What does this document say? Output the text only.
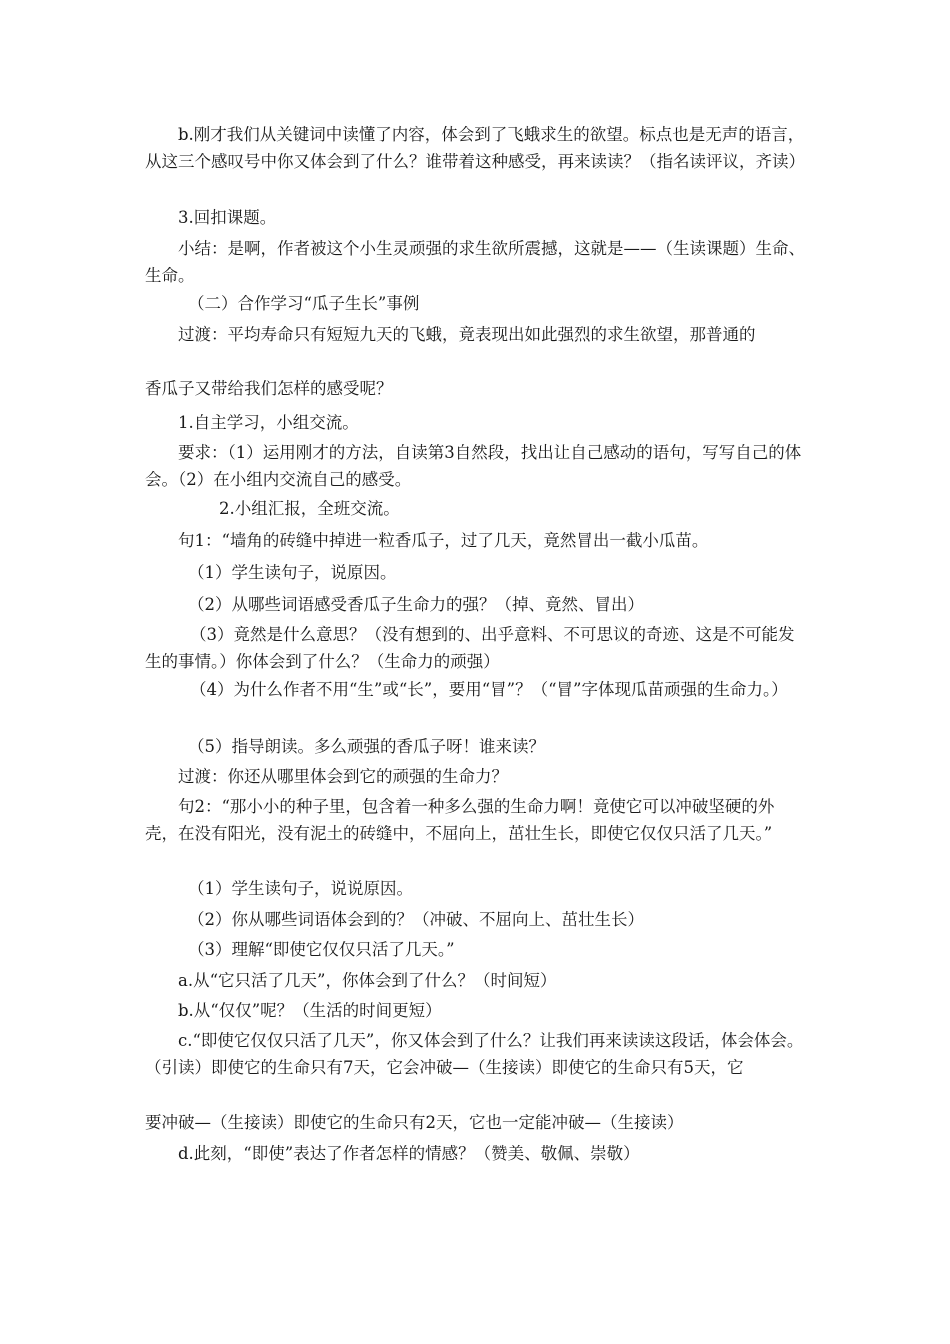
b.刚才我们从关键词中读懂了内容，体会到了飞蛾求生的欲望。标点也是无声的语言，从这三个感叹号中你又体会到了什么？谁带着这种感受，再来读读？（指名读评议，齐读）

3.回扣课题。

小结：是啊，作者被这个小生灵顽强的求生欲所震撼，这就是——（生读课题）生命、生命。

（二）合作学习“瓜子生长”事例

过渡：平均寿命只有短短九天的飞蛾，竟表现出如此强烈的求生欲望，那普通的

香瓜子又带给我们怎样的感受呢？

1.自主学习，小组交流。

要求：（1）运用刚才的方法，自读第3自然段，找出让自己感动的语句，写写自己的体会。（2）在小组内交流自己的感受。

2.小组汇报，全班交流。

句1：“墙角的砖缝中掉进一粒香瓜子，过了几天，竟然冒出一截小瓜苗。

（1）学生读句子，说原因。

（2）从哪些词语感受香瓜子生命力的强？（掉、竟然、冒出）

（3）竟然是什么意思？（没有想到的、出乎意料、不可思议的奇迹、这是不可能发生的事情。）你体会到了什么？（生命力的顽强）

（4）为什么作者不用“生”或“长”，要用“冒”？（“冒”字体现瓜苗顽强的生命力。）

（5）指导朗读。多么顽强的香瓜子呀！谁来读？

过渡：你还从哪里体会到它的顽强的生命力？

句2：“那小小的种子里，包含着一种多么强的生命力啊！竟使它可以冲破坚硬的外壳，在没有阳光，没有泥土的砖缝中，不屈向上，茁壮生长，即使它仅仅只活了几天。”

（1）学生读句子，说说原因。

（2）你从哪些词语体会到的？（冲破、不屈向上、茁壮生长）

（3）理解“即使它仅仅只活了几天。”

a.从“它只活了几天”，你体会到了什么？（时间短）

b.从“仅仅”呢？（生活的时间更短）

c.“即使它仅仅只活了几天”，你又体会到了什么？让我们再来读读这段话，体会体会。（引读）即使它的生命只有7天，它会冲破—（生接读）即使它的生命只有5天，它

要冲破—（生接读）即使它的生命只有2天，它也一定能冲破—（生接读）

d.此刻，“即使”表达了作者怎样的情感？（赞美、敬佩、崇敬）
